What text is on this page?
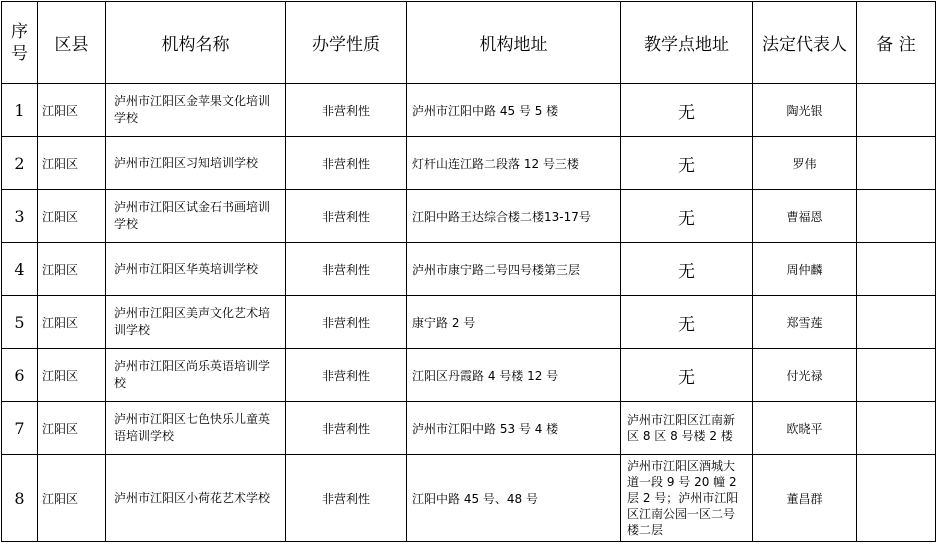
序号	区县	机构名称	办学性质	机构地址	教学点地址	法定代表人	备 注
1	江阳区	泸州市江阳区金苹果文化培训学校	非营利性	泸州市江阳中路 45 号 5 楼	无	陶光银	
2	江阳区	泸州市江阳区习知培训学校	非营利性	灯杆山连江路二段落 12 号三楼	无	罗伟	
3	江阳区	泸州市江阳区试金石书画培训学校	非营利性	江阳中路王达综合楼二楼13-17号	无	曹福恩	
4	江阳区	泸州市江阳区华英培训学校	非营利性	泸州市康宁路二号四号楼第三层	无	周仲麟	
5	江阳区	泸州市江阳区美声文化艺术培训学校	非营利性	康宁路 2 号	无	郑雪莲	
6	江阳区	泸州市江阳区尚乐英语培训学校	非营利性	江阳区丹霞路 4 号楼 12 号	无	付光禄	
7	江阳区	泸州市江阳区七色快乐儿童英语培训学校	非营利性	泸州市江阳中路 53 号 4 楼	泸州市江阳区江南新区 8 区 8 号楼 2 楼	欧晓平	
8	江阳区	泸州市江阳区小荷花艺术学校	非营利性	江阳中路 45 号、48 号	泸州市江阳区酒城大道一段 9 号 20 幢 2 层 2 号；泸州市江阳区江南公园一区二号楼二层	董昌群	
